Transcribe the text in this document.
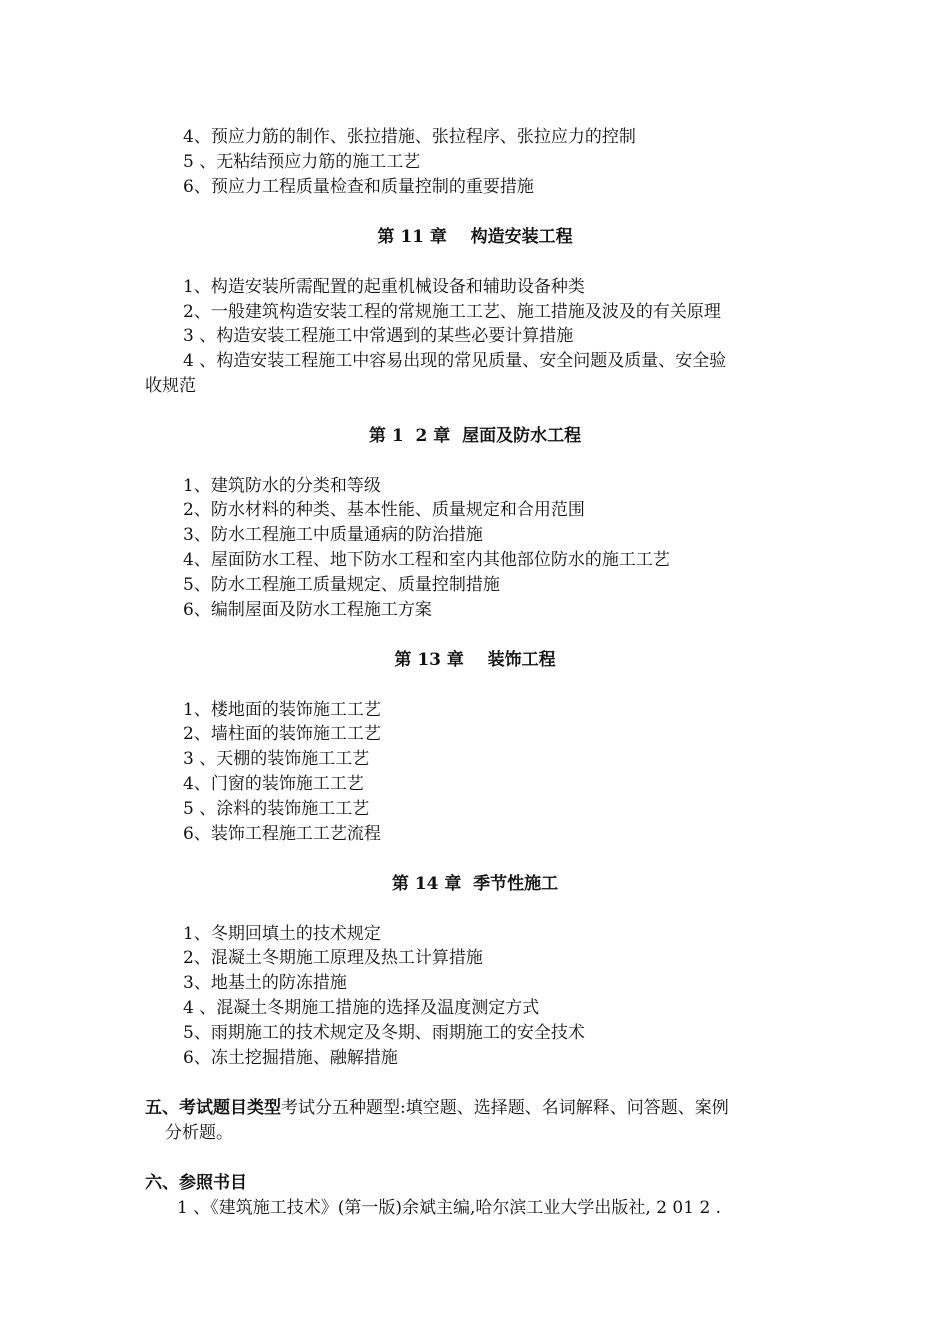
4、预应力筋的制作、张拉措施、张拉程序、张拉应力的控制
5 、无粘结预应力筋的施工工艺
6、预应力工程质量检查和质量控制的重要措施
第 11 章    构造安装工程
1、构造安装所需配置的起重机械设备和辅助设备种类
2、一般建筑构造安装工程的常规施工工艺、施工措施及波及的有关原理
3 、构造安装工程施工中常遇到的某些必要计算措施
4 、构造安装工程施工中容易出现的常见质量、安全问题及质量、安全验
收规范
第 1  2 章  屋面及防水工程
1、建筑防水的分类和等级
2、防水材料的种类、基本性能、质量规定和合用范围
3、防水工程施工中质量通病的防治措施
4、屋面防水工程、地下防水工程和室内其他部位防水的施工工艺
5、防水工程施工质量规定、质量控制措施
6、编制屋面及防水工程施工方案
第 13 章    装饰工程
1、楼地面的装饰施工工艺
2、墙柱面的装饰施工工艺
3 、天棚的装饰施工工艺
4、门窗的装饰施工工艺
5 、涂料的装饰施工工艺
6、装饰工程施工工艺流程
第 14 章  季节性施工
1、冬期回填土的技术规定
2、混凝土冬期施工原理及热工计算措施
3、地基土的防冻措施
4 、混凝土冬期施工措施的选择及温度测定方式
5、雨期施工的技术规定及冬期、雨期施工的安全技术
6、冻土挖掘措施、融解措施
五、考试题目类型考试分五种题型:填空题、选择题、名词解释、问答题、案例
分析题。
六、参照书目
1 、《建筑施工技术》(第一版)余斌主编,哈尔滨工业大学出版社, 2 01 2 .
